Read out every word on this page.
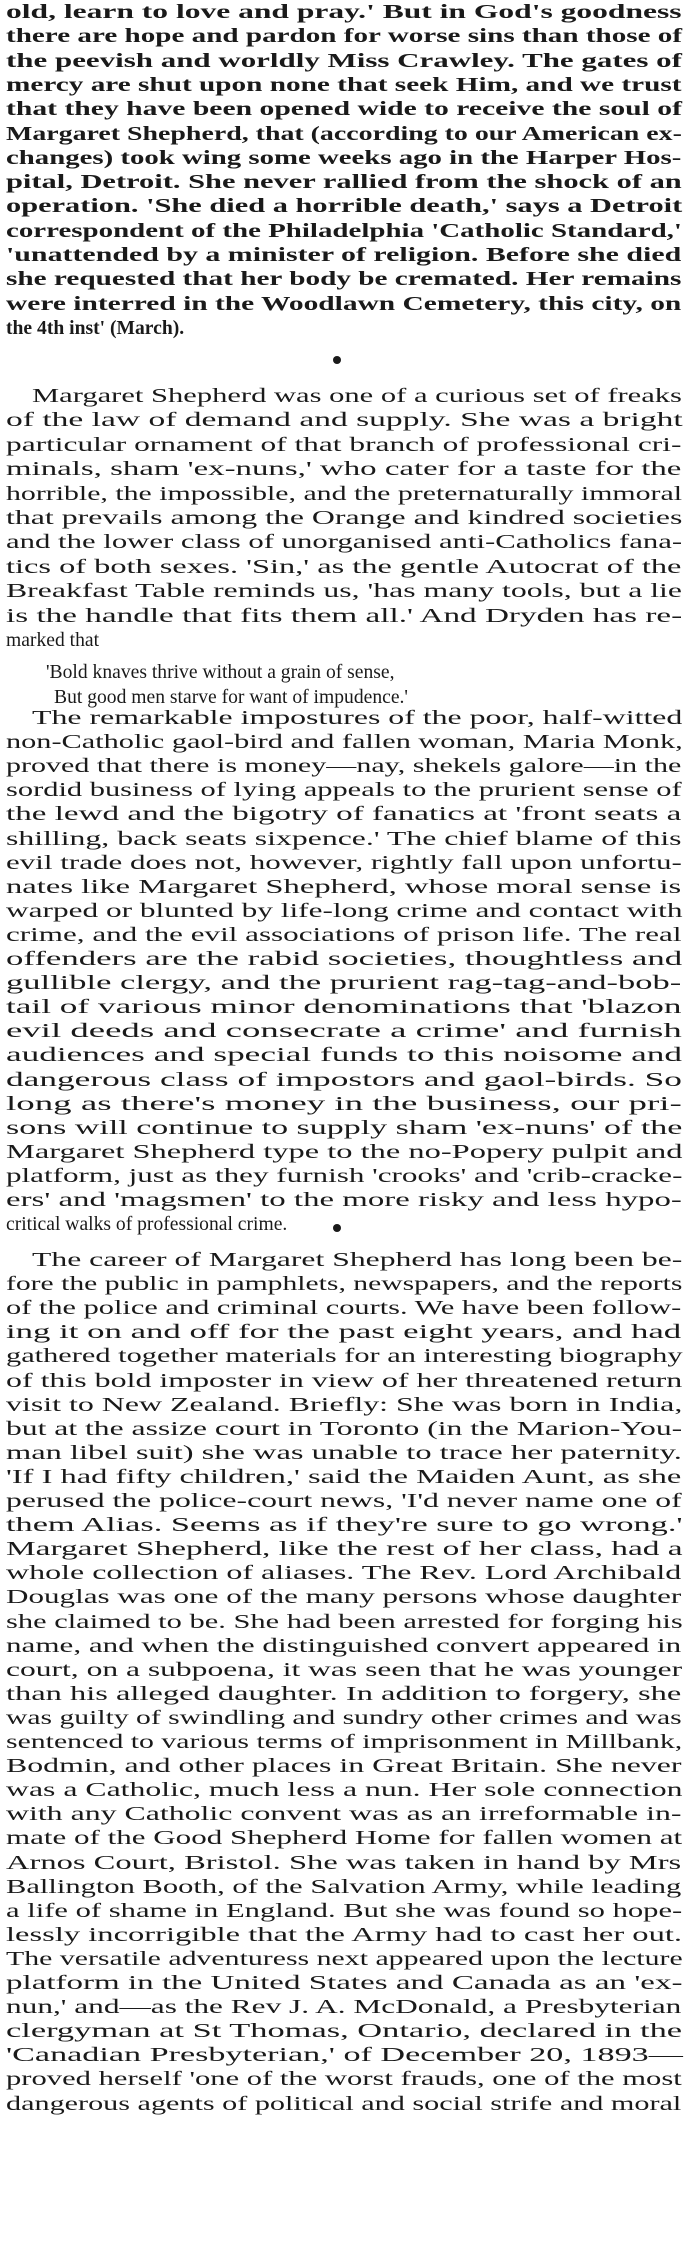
old, learn to love and pray.' But in God's goodness
there are hope and pardon for worse sins than those of
the peevish and worldly Miss Crawley. The gates of
mercy are shut upon none that seek Him, and we trust
that they have been opened wide to receive the soul of
Margaret Shepherd, that (according to our American ex-
changes) took wing some weeks ago in the Harper Hos-
pital, Detroit. She never rallied from the shock of an
operation. 'She died a horrible death,' says a Detroit
correspondent of the Philadelphia 'Catholic Standard,'
'unattended by a minister of religion. Before she died
she requested that her body be cremated. Her remains
were interred in the Woodlawn Cemetery, this city, on
the 4th inst' (March).
Margaret Shepherd was one of a curious set of freaks
of the law of demand and supply. She was a bright
particular ornament of that branch of professional cri-
minals, sham 'ex-nuns,' who cater for a taste for the
horrible, the impossible, and the preternaturally immoral
that prevails among the Orange and kindred societies
and the lower class of unorganised anti-Catholics fana-
tics of both sexes. 'Sin,' as the gentle Autocrat of the
Breakfast Table reminds us, 'has many tools, but a lie
is the handle that fits them all.' And Dryden has re-
marked that
'Bold knaves thrive without a grain of sense,
But good men starve for want of impudence.'
The remarkable impostures of the poor, half-witted
non-Catholic gaol-bird and fallen woman, Maria Monk,
proved that there is money—nay, shekels galore—in the
sordid business of lying appeals to the prurient sense of
the lewd and the bigotry of fanatics at 'front seats a
shilling, back seats sixpence.' The chief blame of this
evil trade does not, however, rightly fall upon unfortu-
nates like Margaret Shepherd, whose moral sense is
warped or blunted by life-long crime and contact with
crime, and the evil associations of prison life. The real
offenders are the rabid societies, thoughtless and
gullible clergy, and the prurient rag-tag-and-bob-
tail of various minor denominations that 'blazon
evil deeds and consecrate a crime' and furnish
audiences and special funds to this noisome and
dangerous class of impostors and gaol-birds. So
long as there's money in the business, our pri-
sons will continue to supply sham 'ex-nuns' of the
Margaret Shepherd type to the no-Popery pulpit and
platform, just as they furnish 'crooks' and 'crib-cracke-
ers' and 'magsmen' to the more risky and less hypo-
critical walks of professional crime.
The career of Margaret Shepherd has long been be-
fore the public in pamphlets, newspapers, and the reports
of the police and criminal courts. We have been follow-
ing it on and off for the past eight years, and had
gathered together materials for an interesting biography
of this bold imposter in view of her threatened return
visit to New Zealand. Briefly: She was born in India,
but at the assize court in Toronto (in the Marion-You-
man libel suit) she was unable to trace her paternity.
'If I had fifty children,' said the Maiden Aunt, as she
perused the police-court news, 'I'd never name one of
them Alias. Seems as if they're sure to go wrong.'
Margaret Shepherd, like the rest of her class, had a
whole collection of aliases. The Rev. Lord Archibald
Douglas was one of the many persons whose daughter
she claimed to be. She had been arrested for forging his
name, and when the distinguished convert appeared in
court, on a subpoena, it was seen that he was younger
than his alleged daughter. In addition to forgery, she
was guilty of swindling and sundry other crimes and was
sentenced to various terms of imprisonment in Millbank,
Bodmin, and other places in Great Britain. She never
was a Catholic, much less a nun. Her sole connection
with any Catholic convent was as an irreformable in-
mate of the Good Shepherd Home for fallen women at
Arnos Court, Bristol. She was taken in hand by Mrs
Ballington Booth, of the Salvation Army, while leading
a life of shame in England. But she was found so hope-
lessly incorrigible that the Army had to cast her out.
The versatile adventuress next appeared upon the lecture
platform in the United States and Canada as an 'ex-
nun,' and—as the Rev J. A. McDonald, a Presbyterian
clergyman at St Thomas, Ontario, declared in the
'Canadian Presbyterian,' of December 20, 1893—
proved herself 'one of the worst frauds, one of the most
dangerous agents of political and social strife and moral
